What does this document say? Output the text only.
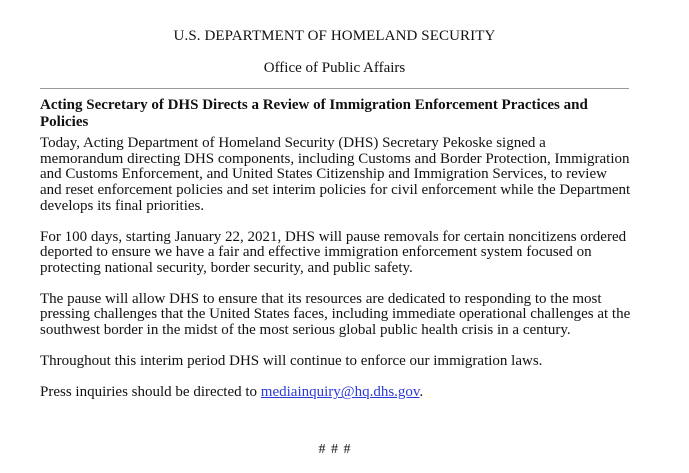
U.S. DEPARTMENT OF HOMELAND SECURITY
Office of Public Affairs
Acting Secretary of DHS Directs a Review of Immigration Enforcement Practices and Policies

Today, Acting Department of Homeland Security (DHS) Secretary Pekoske signed a memorandum directing DHS components, including Customs and Border Protection, Immigration and Customs Enforcement, and United States Citizenship and Immigration Services, to review and reset enforcement policies and set interim policies for civil enforcement while the Department develops its final priorities.

For 100 days, starting January 22, 2021, DHS will pause removals for certain noncitizens ordered deported to ensure we have a fair and effective immigration enforcement system focused on protecting national security, border security, and public safety.

The pause will allow DHS to ensure that its resources are dedicated to responding to the most pressing challenges that the United States faces, including immediate operational challenges at the southwest border in the midst of the most serious global public health crisis in a century.

Throughout this interim period DHS will continue to enforce our immigration laws.

Press inquiries should be directed to mediainquiry@hq.dhs.gov.

# # #
